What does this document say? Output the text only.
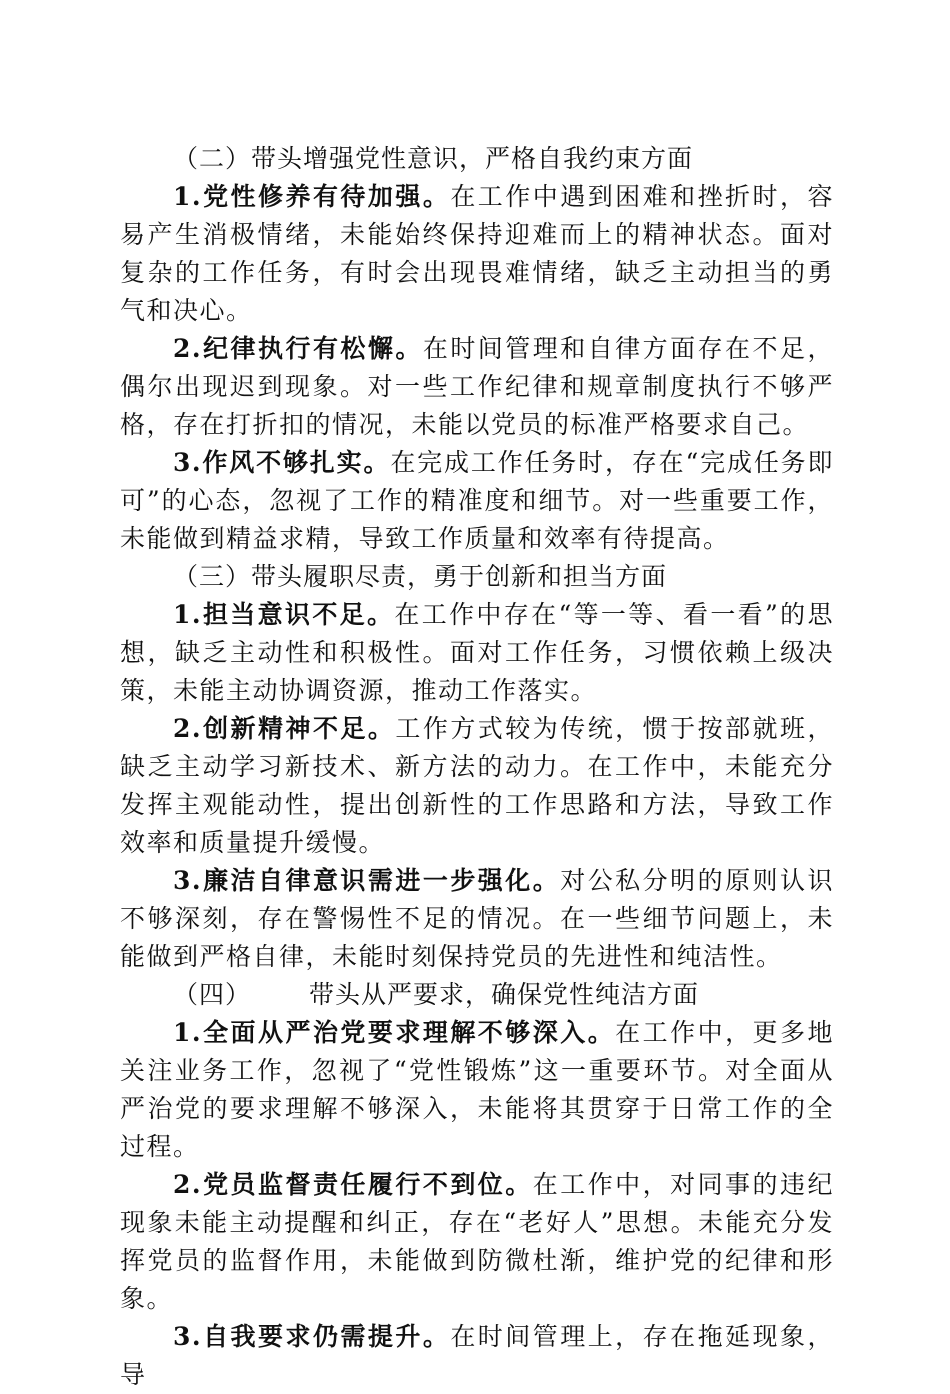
（二）带头增强党性意识，严格自我约束方面

1.党性修养有待加强。在工作中遇到困难和挫折时，容易产生消极情绪，未能始终保持迎难而上的精神状态。面对复杂的工作任务，有时会出现畏难情绪，缺乏主动担当的勇气和决心。

2.纪律执行有松懈。在时间管理和自律方面存在不足，偶尔出现迟到现象。对一些工作纪律和规章制度执行不够严格，存在打折扣的情况，未能以党员的标准严格要求自己。

3.作风不够扎实。在完成工作任务时，存在“完成任务即可”的心态，忽视了工作的精准度和细节。对一些重要工作，未能做到精益求精，导致工作质量和效率有待提高。

（三）带头履职尽责，勇于创新和担当方面

1.担当意识不足。在工作中存在“等一等、看一看”的思想，缺乏主动性和积极性。面对工作任务，习惯依赖上级决策，未能主动协调资源，推动工作落实。

2.创新精神不足。工作方式较为传统，惯于按部就班，缺乏主动学习新技术、新方法的动力。在工作中，未能充分发挥主观能动性，提出创新性的工作思路和方法，导致工作效率和质量提升缓慢。

3.廉洁自律意识需进一步强化。对公私分明的原则认识不够深刻，存在警惕性不足的情况。在一些细节问题上，未能做到严格自律，未能时刻保持党员的先进性和纯洁性。

（四） 带头从严要求，确保党性纯洁方面

1.全面从严治党要求理解不够深入。在工作中，更多地关注业务工作，忽视了“党性锻炼”这一重要环节。对全面从严治党的要求理解不够深入，未能将其贯穿于日常工作的全过程。

2.党员监督责任履行不到位。在工作中，对同事的违纪现象未能主动提醒和纠正，存在“老好人”思想。未能充分发挥党员的监督作用，未能做到防微杜渐，维护党的纪律和形象。

3.自我要求仍需提升。在时间管理上，存在拖延现象，导
